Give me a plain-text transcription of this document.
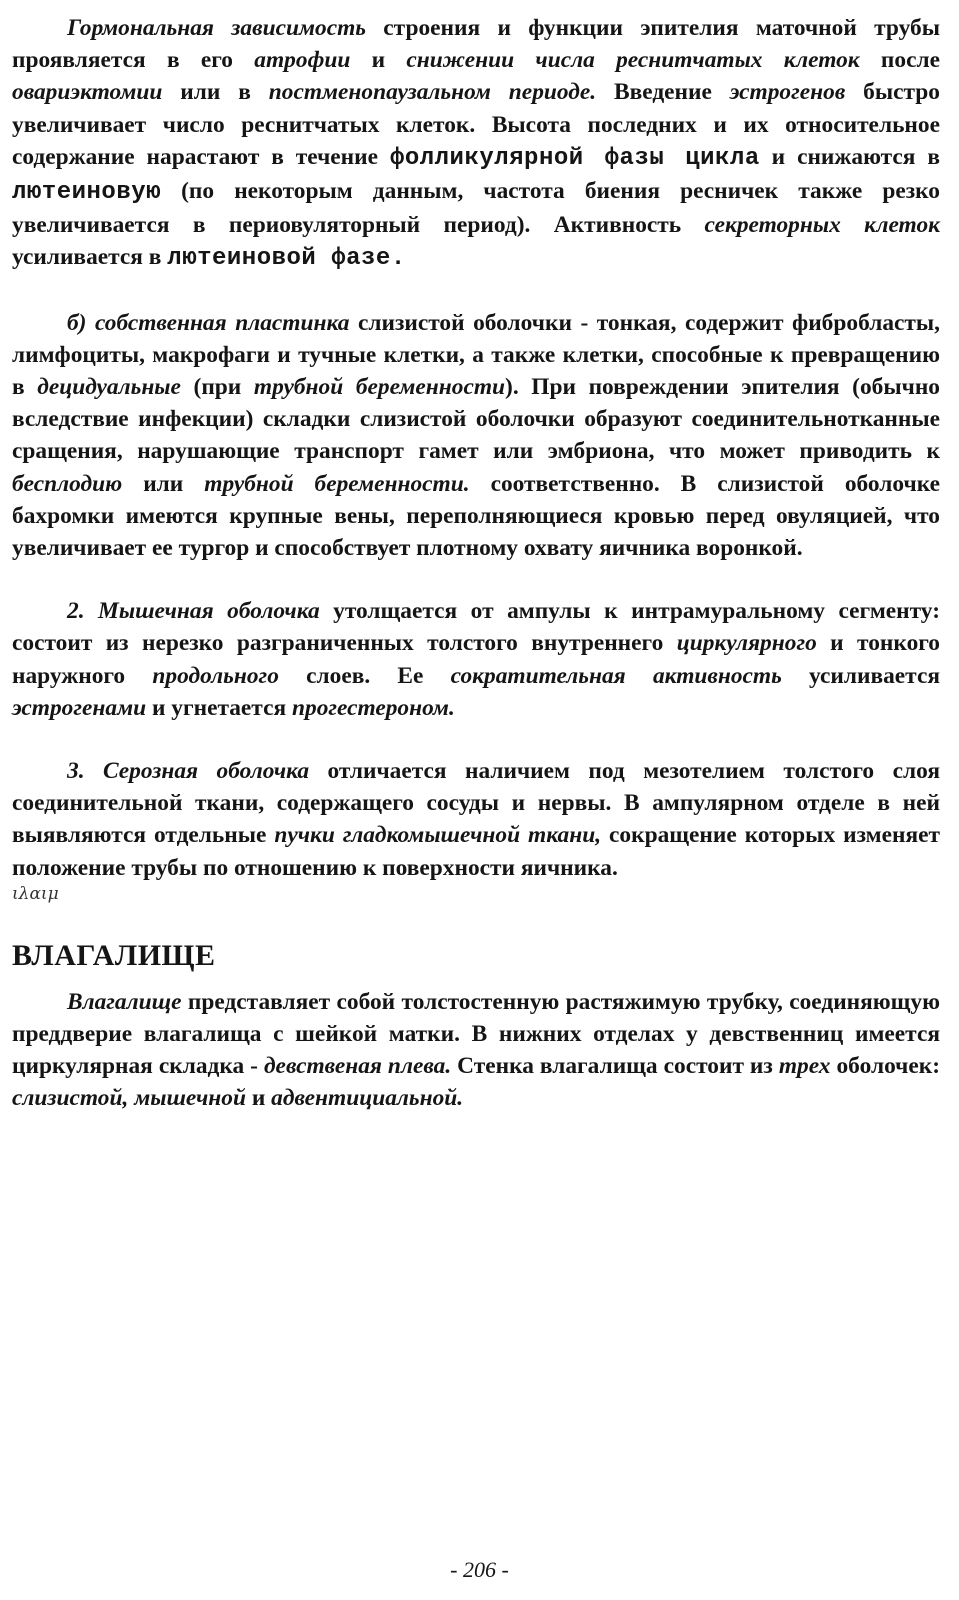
Гормональная зависимость строения и функции эпителия маточной трубы проявляется в его атрофии и снижении числа реснитчатых клеток после овариэктомии или в постменопаузальном периоде. Введение эстрогенов быстро увеличивает число реснитчатых клеток. Высота последних и их относительное содержание нарастают в течение фолликулярной фазы цикла и снижаются в лютеиновую (по некоторым данным, частота биения ресничек также резко увеличивается в периовуляторный период). Активность секреторных клеток усиливается в лютеиновой фазе.

б) собственная пластинка слизистой оболочки - тонкая, содержит фибробласты, лимфоциты, макрофаги и тучные клетки, а также клетки, способные к превращению в децидуальные (при трубной беременности). При повреждении эпителия (обычно вследствие инфекции) складки слизистой оболочки образуют соединительнотканные сращения, нарушающие транспорт гамет или эмбриона, что может приводить к бесплодию или трубной беременности. соответственно. В слизистой оболочке бахромки имеются крупные вены, переполняющиеся кровью перед овуляцией, что увеличивает ее тургор и способствует плотному охвату яичника воронкой.

2. Мышечная оболочка утолщается от ампулы к интрамуральному сегменту: состоит из нерезко разграниченных толстого внутреннего циркулярного и тонкого наружного продольного слоев. Ее сократительная активность усиливается эстрогенами и угнетается прогестероном.

3. Серозная оболочка отличается наличием под мезотелием толстого слоя соединительной ткани, содержащего сосуды и нервы. В ампулярном отделе в ней выявляются отдельные пучки гладкомышечной ткани, сокращение которых изменяет положение трубы по отношению к поверхности яичника.

ιλαιμ

ВЛАГАЛИЩЕ

Влагалище представляет собой толстостенную растяжимую трубку, соединяющую преддверие влагалища с шейкой матки. В нижних отделах у девственниц имеется циркулярная складка - девственая плева. Стенка влагалища состоит из трех оболочек: слизистой, мышечной и адвентициальной.

- 206 -
